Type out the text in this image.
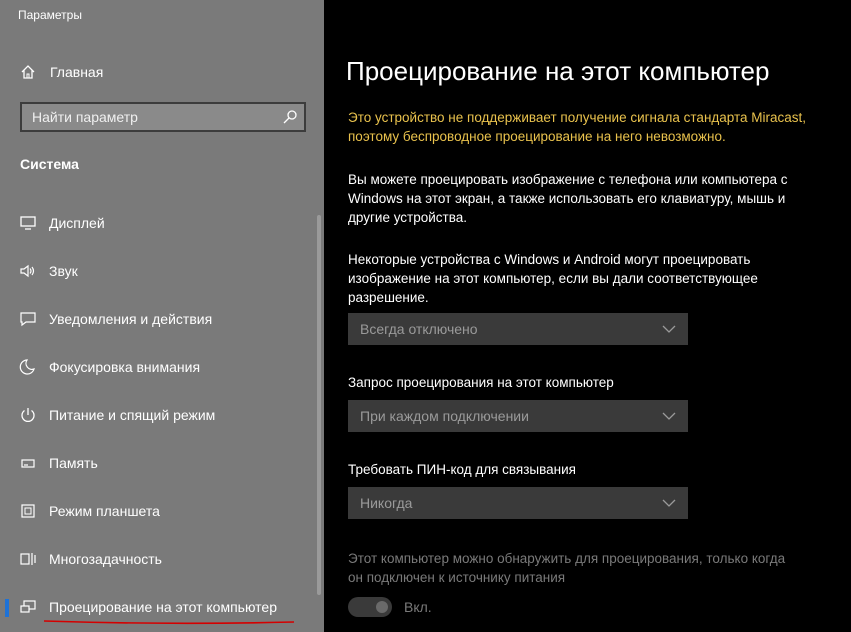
Параметры
Главная
Найти параметр
Система
Дисплей
Звук
Уведомления и действия
Фокусировка внимания
Питание и спящий режим
Память
Режим планшета
Многозадачность
Проецирование на этот компьютер
Проецирование на этот компьютер

Это устройство не поддерживает получение сигнала стандарта Miracast, поэтому беспроводное проецирование на него невозможно.

Вы можете проецировать изображение с телефона или компьютера с Windows на этот экран, а также использовать его клавиатуру, мышь и другие устройства.

Некоторые устройства с Windows и Android могут проецировать изображение на этот компьютер, если вы дали соответствующее разрешение.

Всегда отключено
Запрос проецирования на этот компьютер
При каждом подключении
Требовать ПИН-код для связывания
Никогда

Этот компьютер можно обнаружить для проецирования, только когда он подключен к источнику питания

Вкл.
